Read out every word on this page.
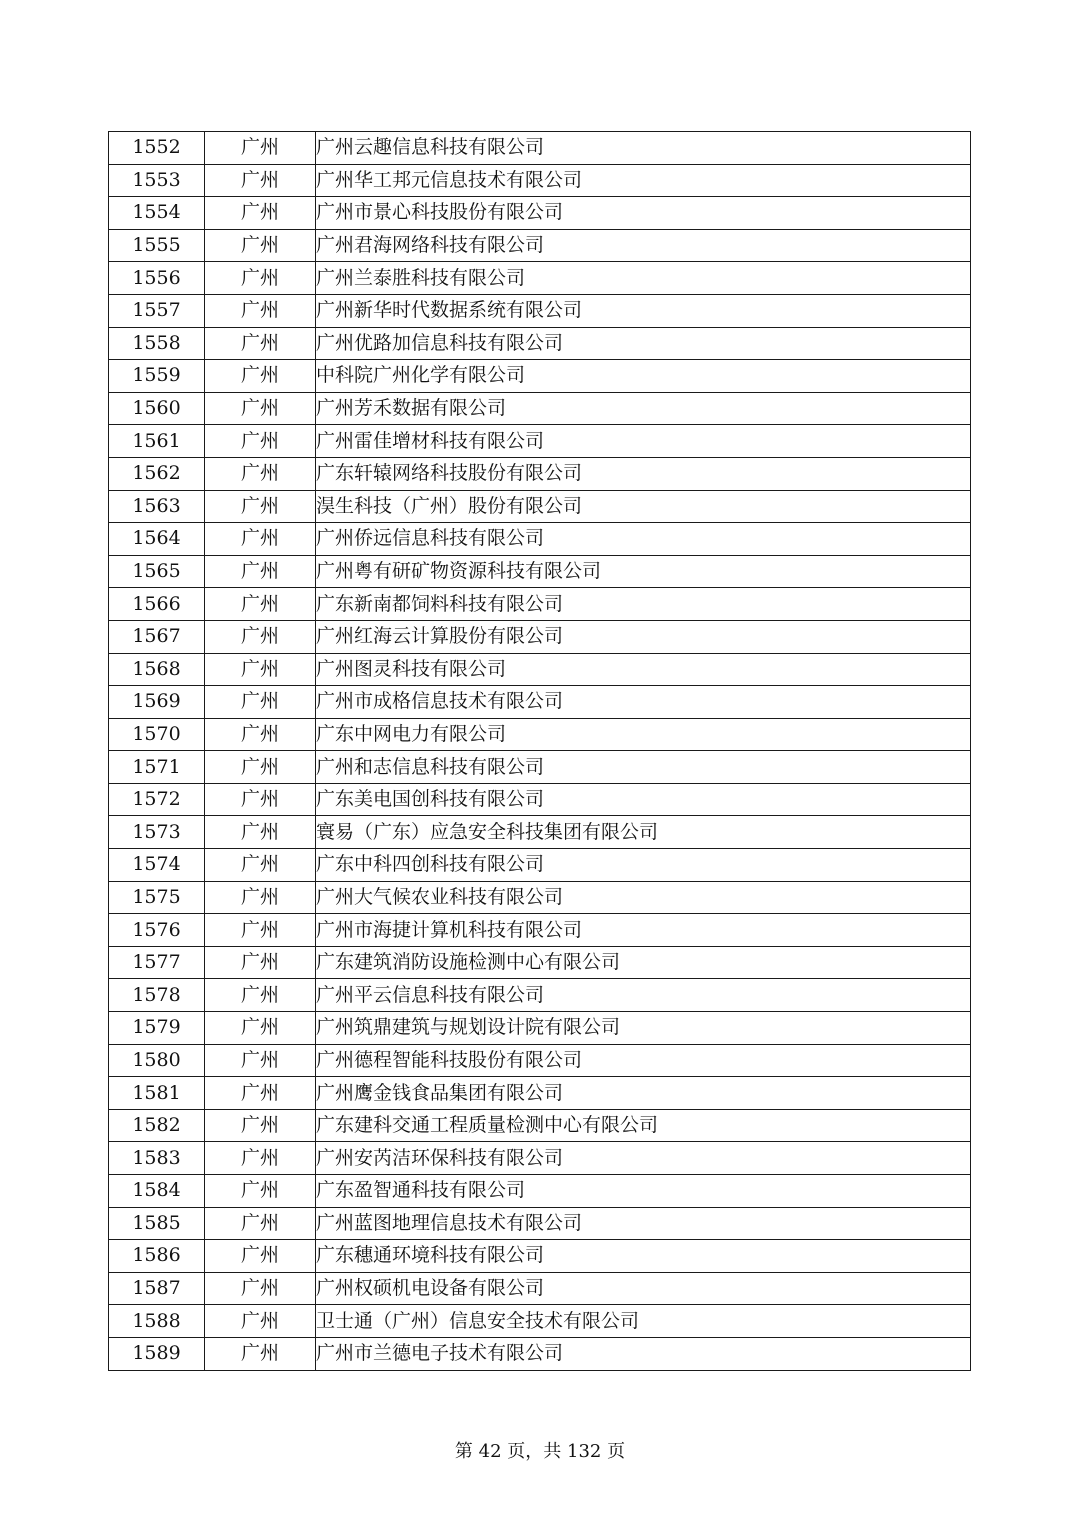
1552	广州	广州云趣信息科技有限公司
1553	广州	广州华工邦元信息技术有限公司
1554	广州	广州市景心科技股份有限公司
1555	广州	广州君海网络科技有限公司
1556	广州	广州兰泰胜科技有限公司
1557	广州	广州新华时代数据系统有限公司
1558	广州	广州优路加信息科技有限公司
1559	广州	中科院广州化学有限公司
1560	广州	广州芳禾数据有限公司
1561	广州	广州雷佳增材科技有限公司
1562	广州	广东轩辕网络科技股份有限公司
1563	广州	淏生科技（广州）股份有限公司
1564	广州	广州侨远信息科技有限公司
1565	广州	广州粤有研矿物资源科技有限公司
1566	广州	广东新南都饲料科技有限公司
1567	广州	广州红海云计算股份有限公司
1568	广州	广州图灵科技有限公司
1569	广州	广州市成格信息技术有限公司
1570	广州	广东中网电力有限公司
1571	广州	广州和志信息科技有限公司
1572	广州	广东美电国创科技有限公司
1573	广州	寰易（广东）应急安全科技集团有限公司
1574	广州	广东中科四创科技有限公司
1575	广州	广州大气候农业科技有限公司
1576	广州	广州市海捷计算机科技有限公司
1577	广州	广东建筑消防设施检测中心有限公司
1578	广州	广州平云信息科技有限公司
1579	广州	广州筑鼎建筑与规划设计院有限公司
1580	广州	广州德程智能科技股份有限公司
1581	广州	广州鹰金钱食品集团有限公司
1582	广州	广东建科交通工程质量检测中心有限公司
1583	广州	广州安芮洁环保科技有限公司
1584	广州	广东盈智通科技有限公司
1585	广州	广州蓝图地理信息技术有限公司
1586	广州	广东穗通环境科技有限公司
1587	广州	广州权硕机电设备有限公司
1588	广州	卫士通（广州）信息安全技术有限公司
1589	广州	广州市兰德电子技术有限公司
第 42 页，共 132 页
